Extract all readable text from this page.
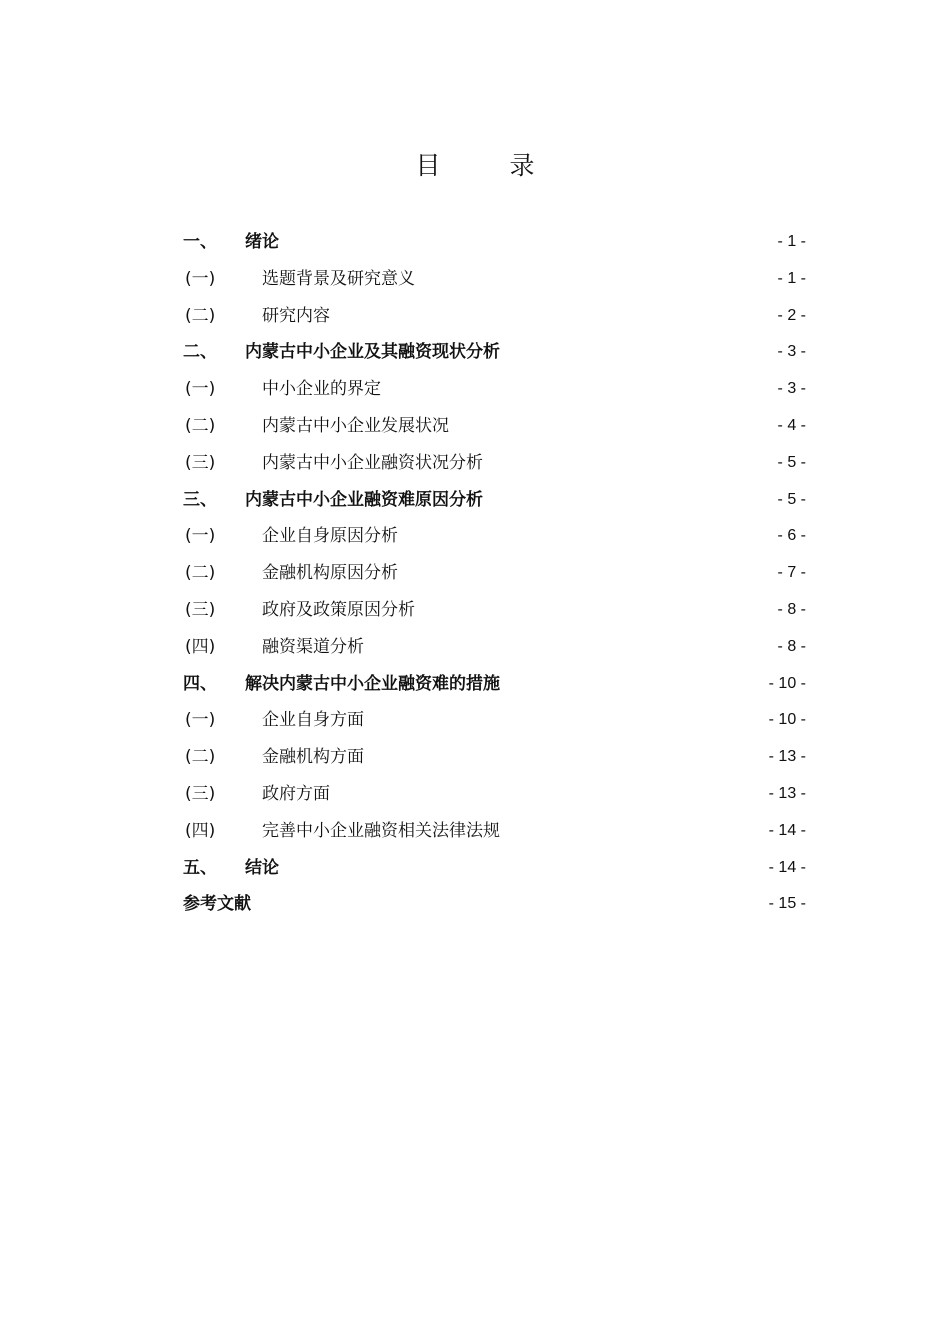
目　录
一、 绪论	- 1 -
(一)	选题背景及研究意义	- 1 -
(二)	研究内容	- 2 -
二、 内蒙古中小企业及其融资现状分析	- 3 -
(一)	中小企业的界定	- 3 -
(二)	内蒙古中小企业发展状况	- 4 -
(三)	内蒙古中小企业融资状况分析	- 5 -
三、 内蒙古中小企业融资难原因分析	- 5 -
(一)	企业自身原因分析	- 6 -
(二)	金融机构原因分析	- 7 -
(三)	政府及政策原因分析	- 8 -
(四)	融资渠道分析	- 8 -
四、 解决内蒙古中小企业融资难的措施	- 10 -
(一)	企业自身方面	- 10 -
(二)	金融机构方面	- 13 -
(三)	政府方面	- 13 -
(四)	完善中小企业融资相关法律法规	- 14 -
五、 结论	- 14 -
参考文献	- 15 -
